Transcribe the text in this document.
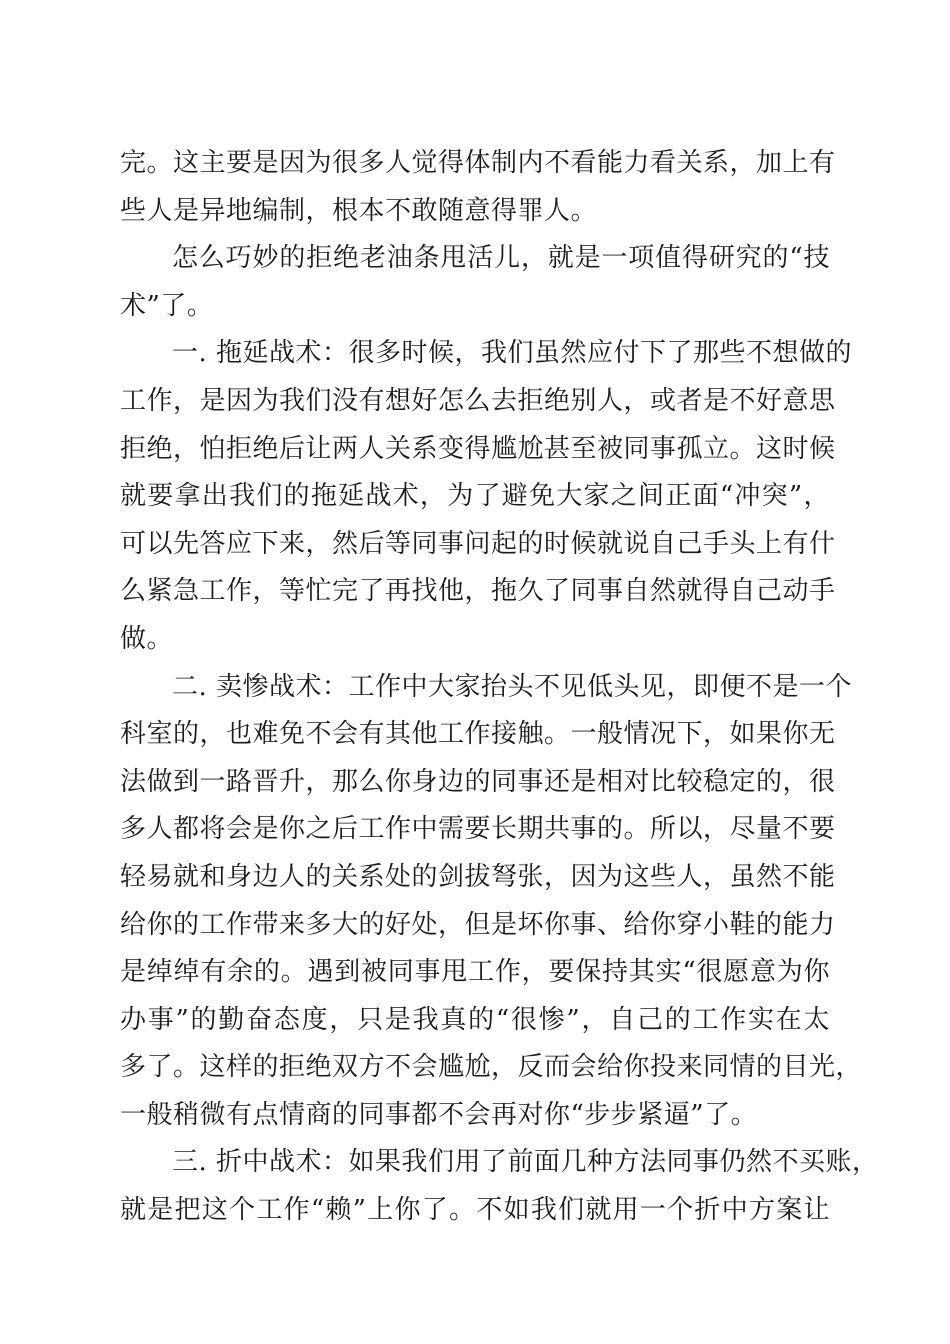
完。这主要是因为很多人觉得体制内不看能力看关系，加上有
些人是异地编制，根本不敢随意得罪人。
怎么巧妙的拒绝老油条甩活儿，就是一项值得研究的“技
术”了。
一. 拖延战术：很多时候，我们虽然应付下了那些不想做的
工作，是因为我们没有想好怎么去拒绝别人，或者是不好意思
拒绝，怕拒绝后让两人关系变得尴尬甚至被同事孤立。这时候
就要拿出我们的拖延战术，为了避免大家之间正面“冲突”，
可以先答应下来，然后等同事问起的时候就说自己手头上有什
么紧急工作，等忙完了再找他，拖久了同事自然就得自己动手
做。
二. 卖惨战术：工作中大家抬头不见低头见，即便不是一个
科室的，也难免不会有其他工作接触。一般情况下，如果你无
法做到一路晋升，那么你身边的同事还是相对比较稳定的，很
多人都将会是你之后工作中需要长期共事的。所以，尽量不要
轻易就和身边人的关系处的剑拔弩张，因为这些人，虽然不能
给你的工作带来多大的好处，但是坏你事、给你穿小鞋的能力
是绰绰有余的。遇到被同事甩工作，要保持其实“很愿意为你
办事”的勤奋态度，只是我真的“很惨”，自己的工作实在太
多了。这样的拒绝双方不会尴尬，反而会给你投来同情的目光，
一般稍微有点情商的同事都不会再对你“步步紧逼”了。
三. 折中战术：如果我们用了前面几种方法同事仍然不买账，
就是把这个工作“赖”上你了。不如我们就用一个折中方案让
